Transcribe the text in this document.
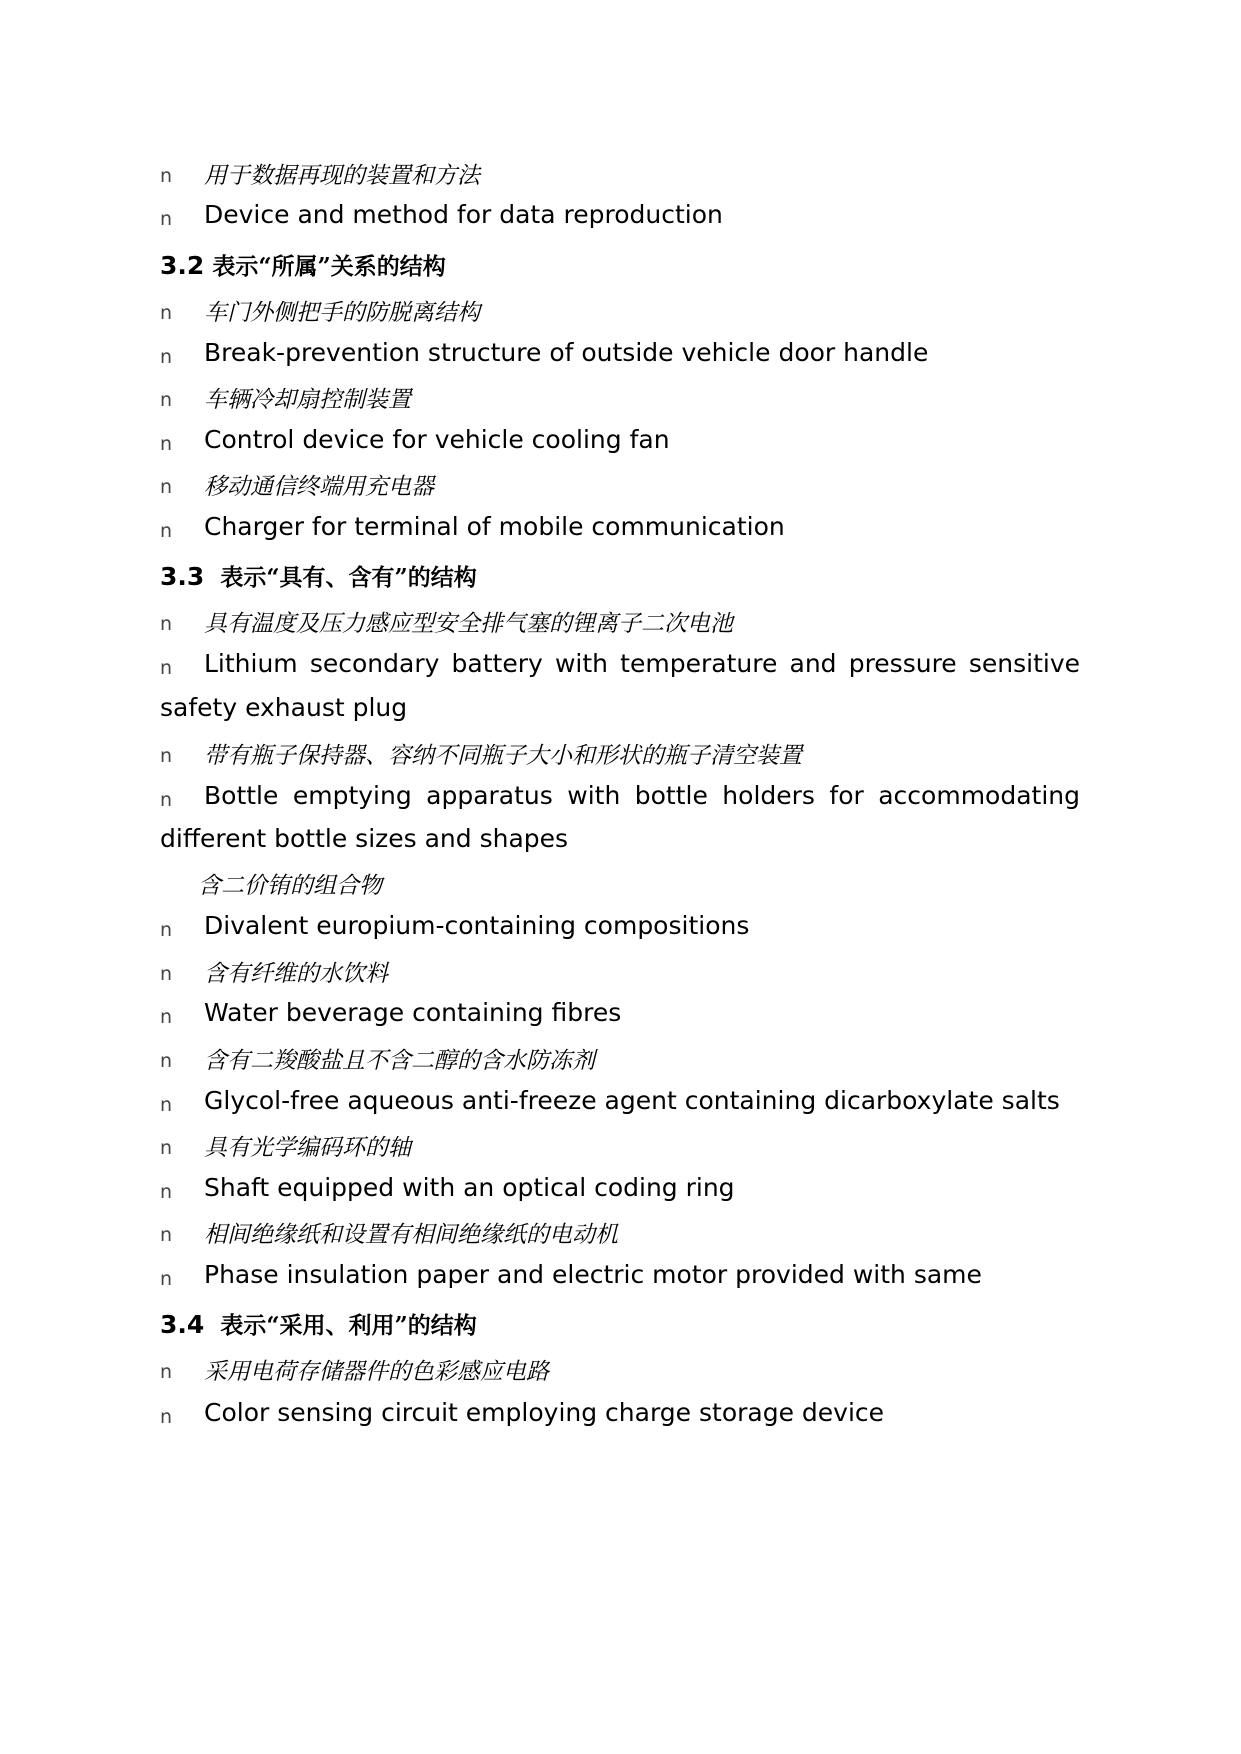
n 用于数据再现的装置和方法
n Device and method for data reproduction
3.2 表示“所属”关系的结构
n 车门外侧把手的防脱离结构
n Break-prevention structure of outside vehicle door handle
n 车辆冷却扇控制装置
n Control device for vehicle cooling fan
n 移动通信终端用充电器
n Charger for terminal of mobile communication
3.3 表示“具有、含有”的结构
n 具有温度及压力感应型安全排气塞的锂离子二次电池
n Lithium secondary battery with temperature and pressure sensitive
safety exhaust plug
n 带有瓶子保持器、容纳不同瓶子大小和形状的瓶子清空装置
n Bottle emptying apparatus with bottle holders for accommodating
different bottle sizes and shapes
含二价铕的组合物
n Divalent europium-containing compositions
n 含有纤维的水饮料
n Water beverage containing fibres
n 含有二羧酸盐且不含二醇的含水防冻剂
n Glycol-free aqueous anti-freeze agent containing dicarboxylate salts
n 具有光学编码环的轴
n Shaft equipped with an optical coding ring
n 相间绝缘纸和设置有相间绝缘纸的电动机
n Phase insulation paper and electric motor provided with same
3.4 表示“采用、利用”的结构
n 采用电荷存储器件的色彩感应电路
n Color sensing circuit employing charge storage device
